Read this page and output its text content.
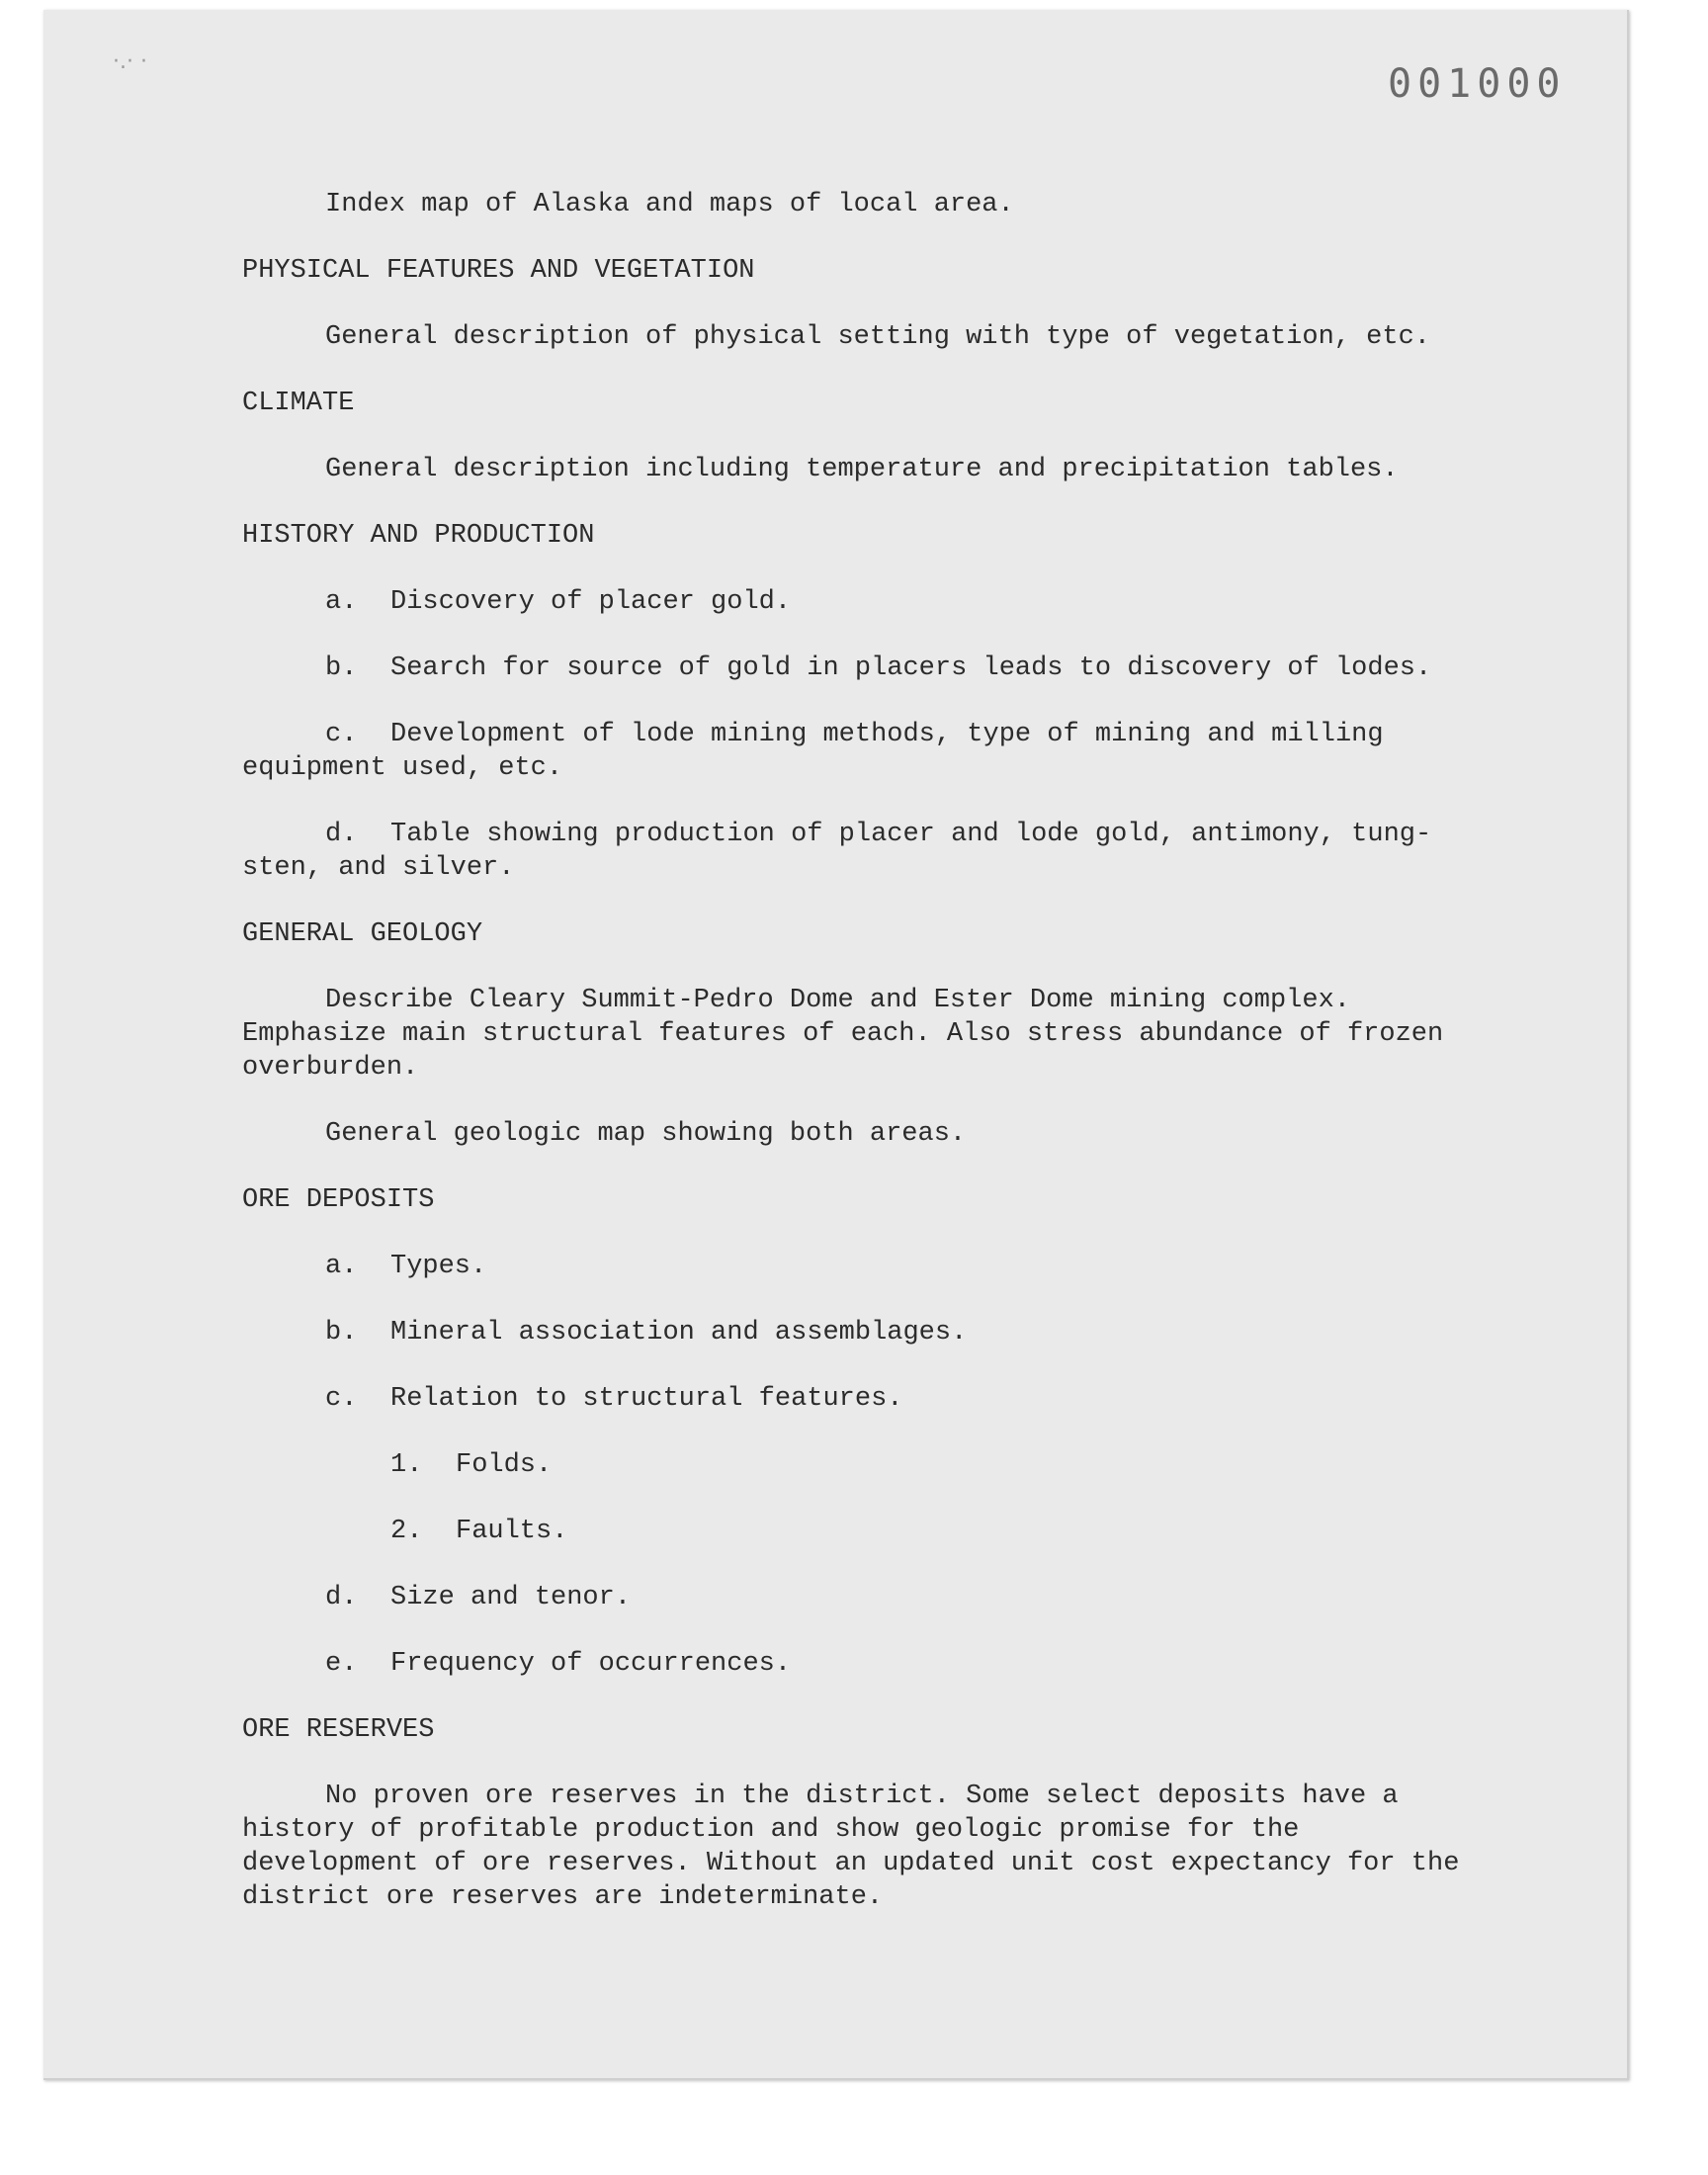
·.· ·	001000

Index map of Alaska and maps of local area.

PHYSICAL FEATURES AND VEGETATION

General description of physical setting with type of vegetation, etc.

CLIMATE

General description including temperature and precipitation tables.

HISTORY AND PRODUCTION

a. Discovery of placer gold.

b. Search for source of gold in placers leads to discovery of lodes.

c. Development of lode mining methods, type of mining and milling equipment used, etc.

d. Table showing production of placer and lode gold, antimony, tung-sten, and silver.

GENERAL GEOLOGY

Describe Cleary Summit-Pedro Dome and Ester Dome mining complex. Emphasize main structural features of each. Also stress abundance of frozen overburden.

General geologic map showing both areas.

ORE DEPOSITS

a. Types.

b. Mineral association and assemblages.

c. Relation to structural features.

1. Folds.

2. Faults.

d. Size and tenor.

e. Frequency of occurrences.

ORE RESERVES

No proven ore reserves in the district. Some select deposits have a history of profitable production and show geologic promise for the development of ore reserves. Without an updated unit cost expectancy for the district ore reserves are indeterminate.
